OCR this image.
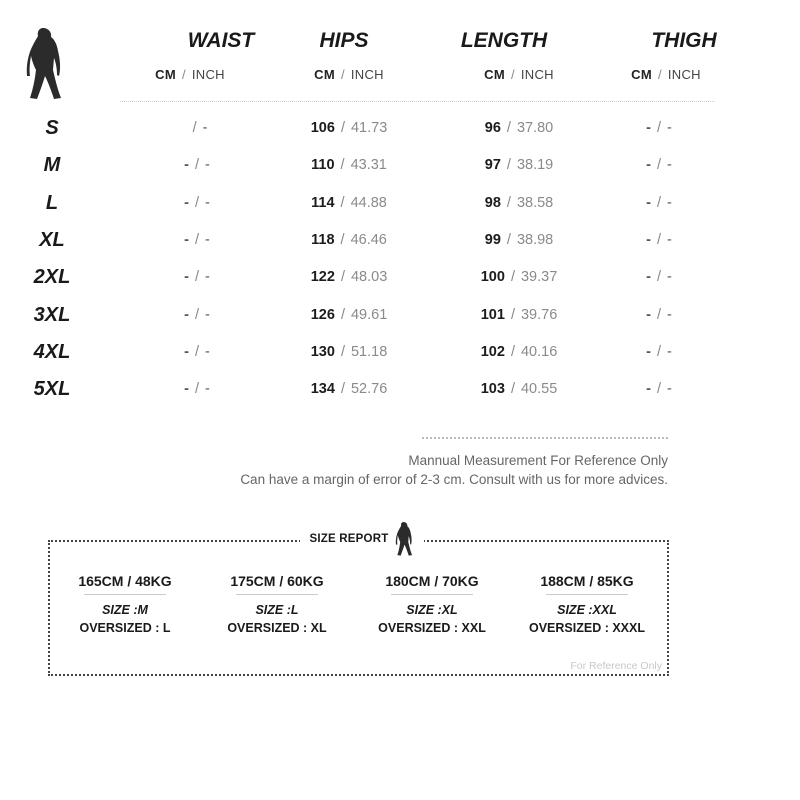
WAIST	HIPS	LENGTH	THIGH
CM / INCH	CM / INCH	CM / INCH	CM / INCH
S	/ -	106 / 41.73	96 / 37.80	- / -
M	- / -	110 / 43.31	97 / 38.19	- / -
L	- / -	114 / 44.88	98 / 38.58	- / -
XL	- / -	118 / 46.46	99 / 38.98	- / -
2XL	- / -	122 / 48.03	100 / 39.37	- / -
3XL	- / -	126 / 49.61	101 / 39.76	- / -
4XL	- / -	130 / 51.18	102 / 40.16	- / -
5XL	- / -	134 / 52.76	103 / 40.55	- / -
Mannual Measurement For Reference Only
Can have a margin of error of 2-3 cm. Consult with us for more advices.
SIZE REPORT
165CM / 48KG
SIZE :M
OVERSIZED : L
175CM / 60KG
SIZE :L
OVERSIZED : XL
180CM / 70KG
SIZE :XL
OVERSIZED : XXL
188CM / 85KG
SIZE :XXL
OVERSIZED : XXXL
For Reference Only
